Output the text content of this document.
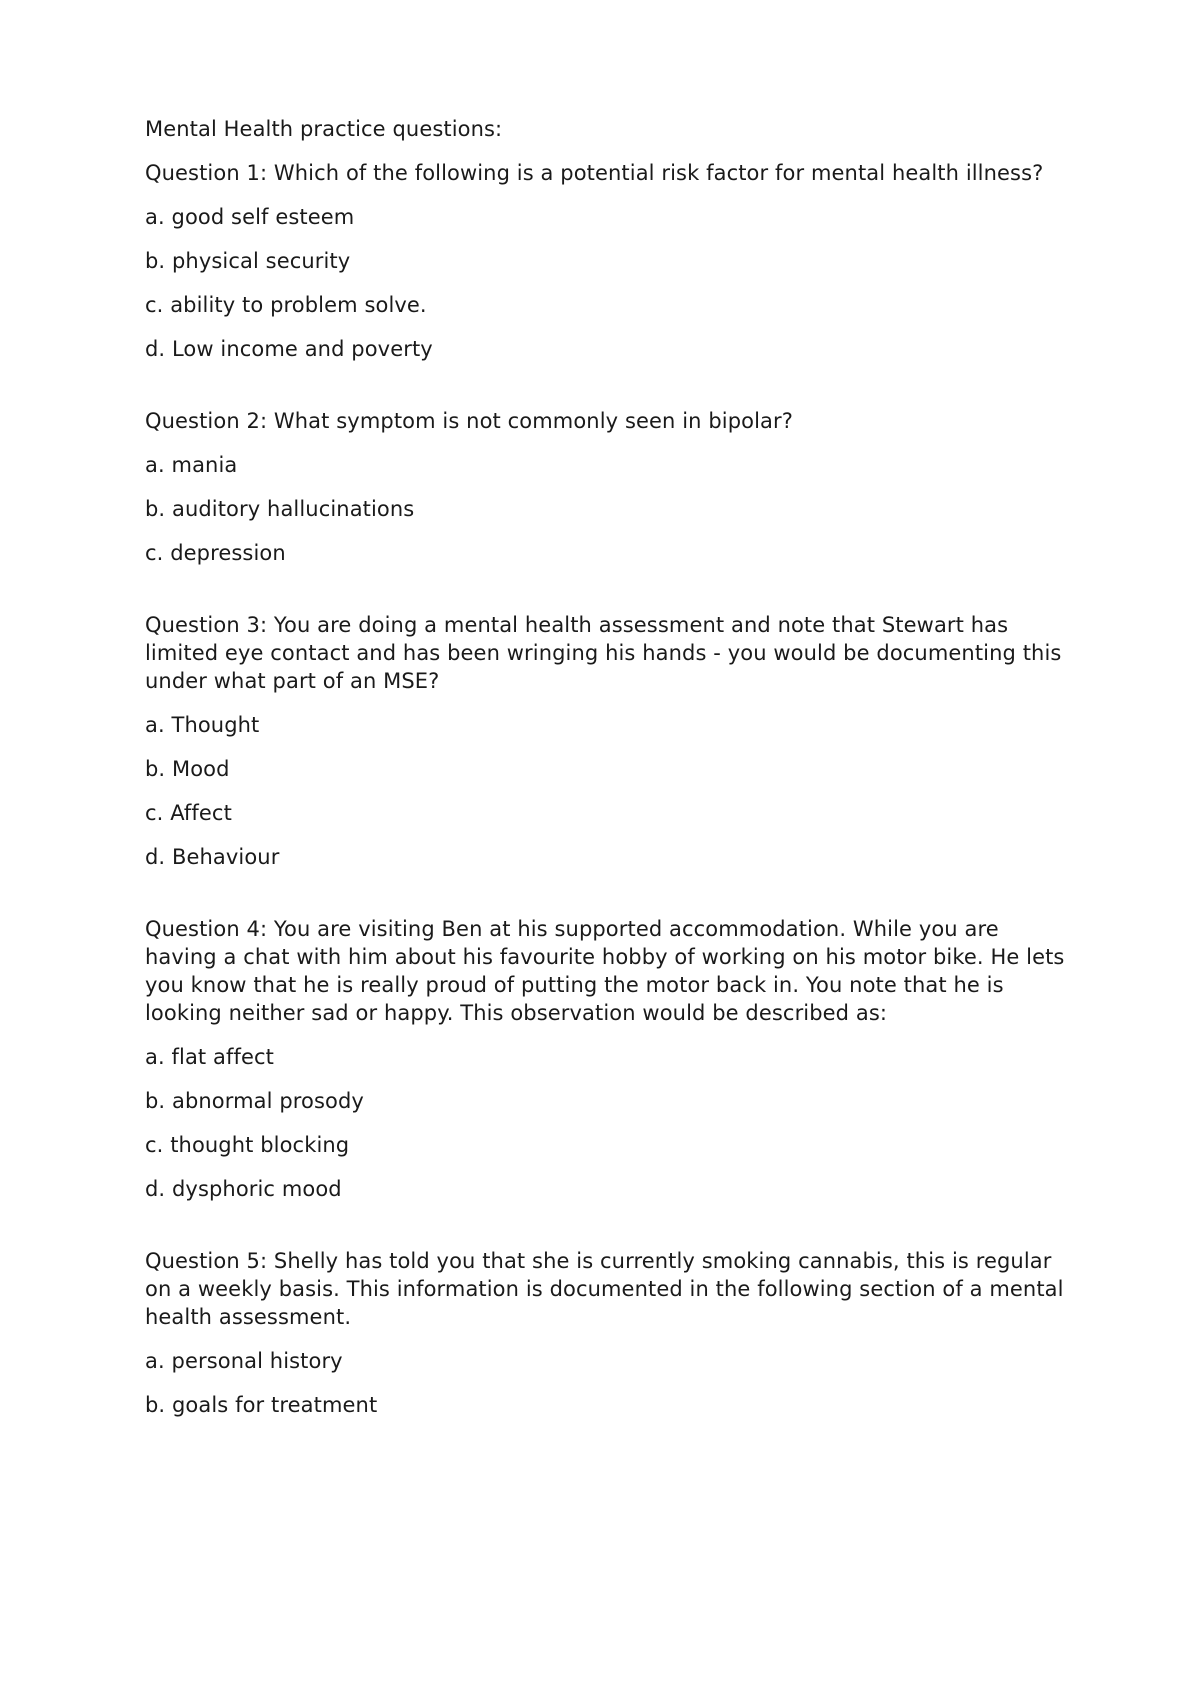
Mental Health practice questions:

Question 1: Which of the following is a potential risk factor for mental health illness?

a. good self esteem
b. physical security
c. ability to problem solve.
d. Low income and poverty

Question 2: What symptom is not commonly seen in bipolar?

a. mania
b. auditory hallucinations
c. depression

Question 3: You are doing a mental health assessment and note that Stewart has limited eye contact and has been wringing his hands - you would be documenting this under what part of an MSE?

a. Thought
b. Mood
c. Affect
d. Behaviour

Question 4: You are visiting Ben at his supported accommodation. While you are having a chat with him about his favourite hobby of working on his motor bike. He lets you know that he is really proud of putting the motor back in. You note that he is looking neither sad or happy. This observation would be described as:

a. flat affect
b. abnormal prosody
c. thought blocking
d. dysphoric mood

Question 5: Shelly has told you that she is currently smoking cannabis, this is regular on a weekly basis. This information is documented in the following section of a mental health assessment.

a. personal history
b. goals for treatment
